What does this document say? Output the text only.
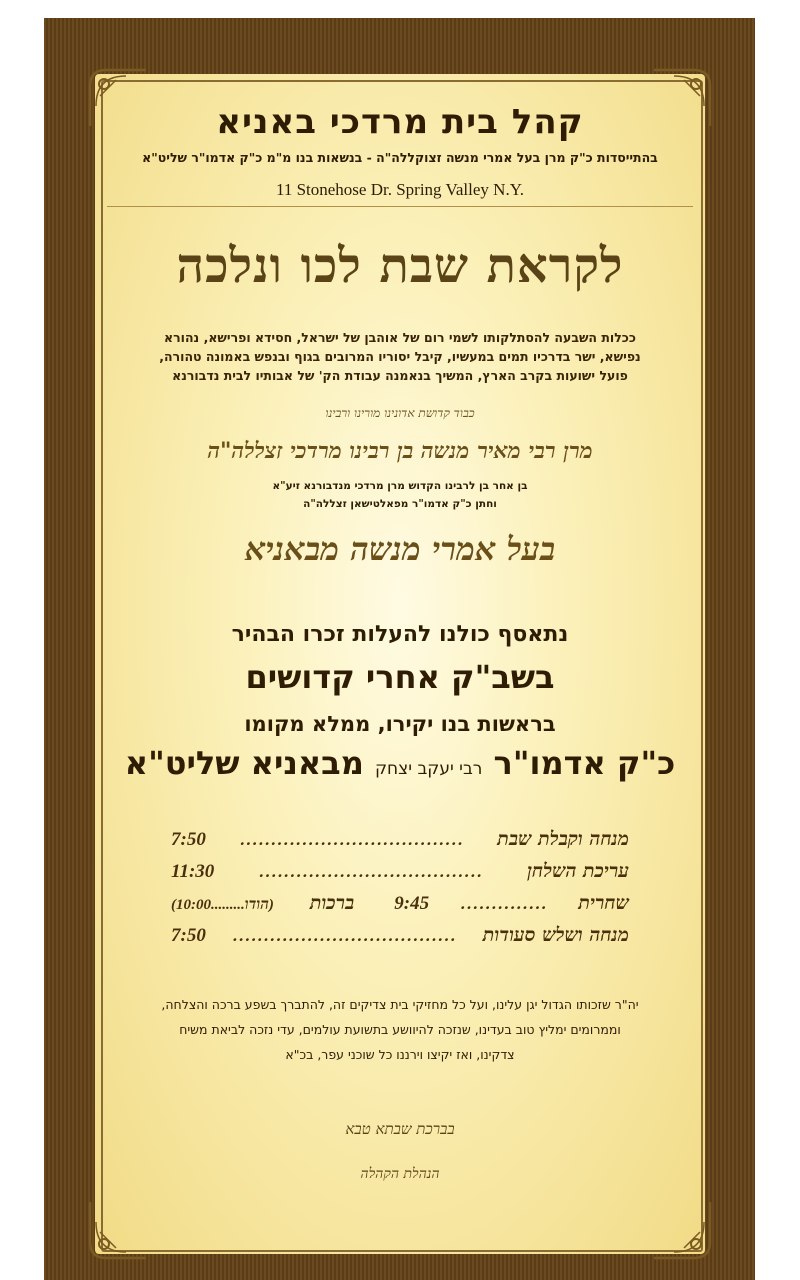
קהל בית מרדכי באניא
בהתייסדות כ"ק מרן בעל אמרי מנשה זצוקללה"ה - בנשאות בנו מ"מ כ"ק אדמו"ר שליט"א
11 Stonehose Dr. Spring Valley N.Y.
לקראת שבת לכו ונלכה
ככלות השבעה להסתלקותו לשמי רום של אוהבן של ישראל, חסידא ופרישא, נהורא
נפישא, ישר בדרכיו תמים במעשיו, קיבל יסוריו המרובים בגוף ובנפש באמונה טהורה,
פועל ישועות בקרב הארץ, המשיך בנאמנה עבודת הק' של אבותיו לבית נדבורנא
כבוד קדושת אדונינו מורינו ורבינו
מרן רבי מאיר מנשה בן רבינו מרדכי זצללה"ה
בן אחר בן לרבינו הקדוש מרן מרדכי מנדבורנא זיע"א
וחתן כ"ק אדמו"ר מפאלטישאן זצללה"ה
בעל אמרי מנשה מבאניא
נתאסף כולנו להעלות זכרו הבהיר
בשב"ק אחרי קדושים
בראשות בנו יקירו, ממלא מקומו
כ"ק אדמו"ר רבי יעקב יצחק מבאניא שליט"א
מנחה וקבלת שבת
....................................
7:50
עריכת השלחן
....................................
11:30
שחרית
..............
9:45
ברכות
(הודו.........10:00)
מנחה ושלש סעודות
....................................
7:50
יה"ר שזכותו הגדול יגן עלינו, ועל כל מחזיקי בית צדיקים זה, להתברך בשפע ברכה והצלחה,
וממרומים ימליץ טוב בעדינו, שנזכה להיוושע בתשועת עולמים, עדי נזכה לביאת משיח
צדקינו, ואז יקיצו וירננו כל שוכני עפר, בכ"א
בברכת שבתא טבא
הנהלת הקהלה
